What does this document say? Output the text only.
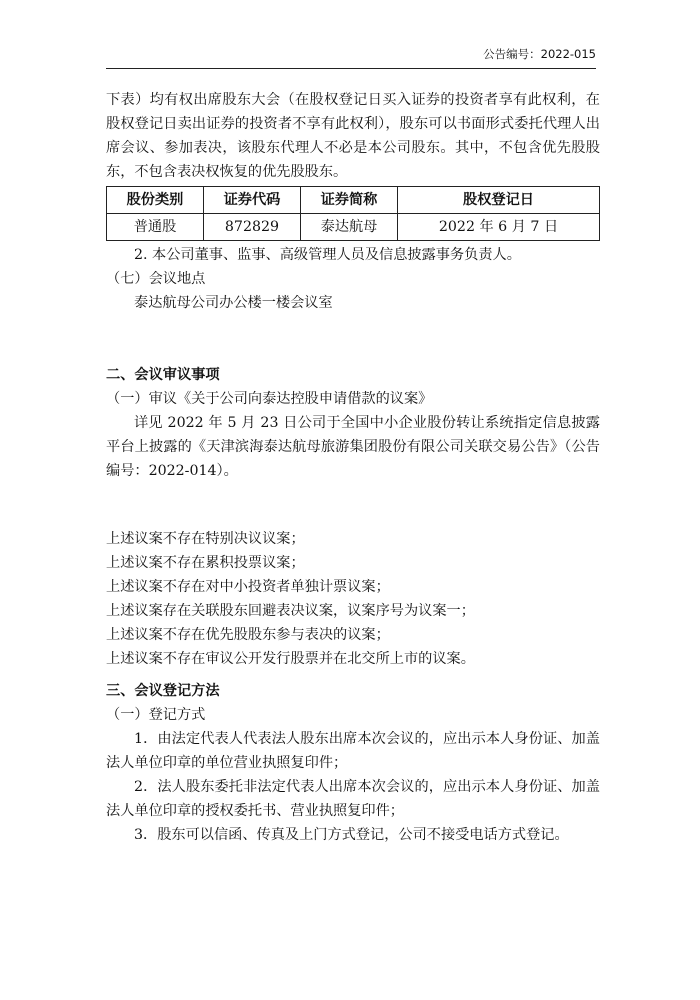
公告编号：2022-015

下表）均有权出席股东大会（在股权登记日买入证券的投资者享有此权利，在股权登记日卖出证券的投资者不享有此权利），股东可以书面形式委托代理人出席会议、参加表决，该股东代理人不必是本公司股东。其中，不包含优先股股东，不包含表决权恢复的优先股股东。

股份类别	证券代码	证券简称	股权登记日
普通股	872829	泰达航母	2022 年 6 月 7 日

2. 本公司董事、监事、高级管理人员及信息披露事务负责人。

（七）会议地点

泰达航母公司办公楼一楼会议室

二、会议审议事项

（一）审议《关于公司向泰达控股申请借款的议案》

详见 2022 年 5 月 23 日公司于全国中小企业股份转让系统指定信息披露平台上披露的《天津滨海泰达航母旅游集团股份有限公司关联交易公告》（公告编号：2022-014）。

上述议案不存在特别决议议案；

上述议案不存在累积投票议案；

上述议案不存在对中小投资者单独计票议案；

上述议案存在关联股东回避表决议案，议案序号为议案一；

上述议案不存在优先股股东参与表决的议案；

上述议案不存在审议公开发行股票并在北交所上市的议案。

三、会议登记方法

（一）登记方式

1．由法定代表人代表法人股东出席本次会议的，应出示本人身份证、加盖法人单位印章的单位营业执照复印件；

2．法人股东委托非法定代表人出席本次会议的，应出示本人身份证、加盖法人单位印章的授权委托书、营业执照复印件；

3．股东可以信函、传真及上门方式登记，公司不接受电话方式登记。
